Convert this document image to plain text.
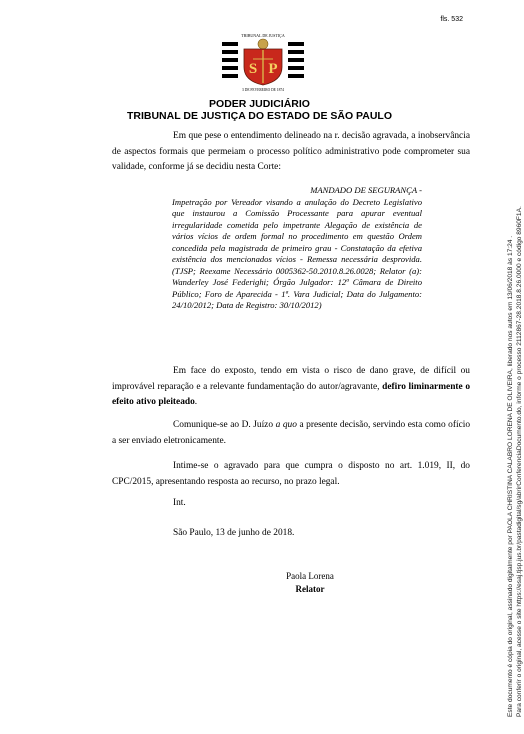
fls. 532
S P
TRIBUNAL DE JUSTIÇA
3 DE FEVEREIRO DE 1874
PODER JUDICIÁRIO
TRIBUNAL DE JUSTIÇA DO ESTADO DE SÃO PAULO

Em que pese o entendimento delineado na r. decisão agravada, a inobservância de aspectos formais que permeiam o processo político administrativo pode comprometer sua validade, conforme já se decidiu nesta Corte:

MANDADO DE SEGURANÇA -
Impetração por Vereador visando a anulação do Decreto Legislativo que instaurou a Comissão Processante para apurar eventual irregularidade cometida pelo impetrante Alegação de existência de vários vícios de ordem formal no procedimento em questão Ordem concedida pela magistrada de primeiro grau - Constatação da efetiva existência dos mencionados vícios - Remessa necessária desprovida. (TJSP; Reexame Necessário 0005362-50.2010.8.26.0028; Relator (a): Wanderley José Federighi; Órgão Julgador: 12ª Câmara de Direito Público; Foro de Aparecida - 1ª. Vara Judicial; Data do Julgamento: 24/10/2012; Data de Registro: 30/10/2012)

Em face do exposto, tendo em vista o risco de dano grave, de difícil ou improvável reparação e a relevante fundamentação do autor/agravante, defiro liminarmente o efeito ativo pleiteado.

Comunique-se ao D. Juízo a quo a presente decisão, servindo esta como ofício a ser enviado eletronicamente.

Intime-se o agravado para que cumpra o disposto no art. 1.019, II, do CPC/2015, apresentando resposta ao recurso, no prazo legal.

Int.

São Paulo, 13 de junho de 2018.

Paola Lorena
Relator	Este documento é cópia do original, assinado digitalmente por PAOLA CHRISTINA CALABRO LORENA DE OLIVEIRA, liberado nos autos em 13/06/2018 às 17:24 . Para conferir o original, acesse o site https://esaj.tjsp.jus.br/pastadigital/sg/abrirConferenciaDocumento.do, informe o processo 2112867-28.2018.8.26.0000 e código 8960F1A.
